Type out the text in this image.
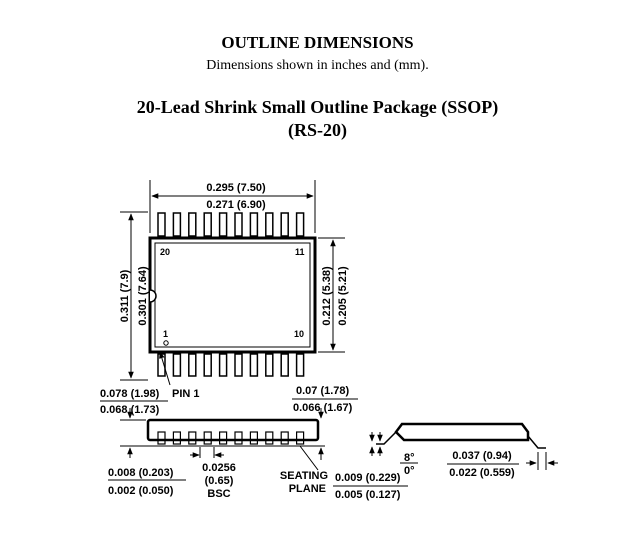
OUTLINE DIMENSIONS
Dimensions shown in inches and (mm).
20-Lead Shrink Small Outline Package (SSOP)
(RS-20)
0.295 (7.50)
0.271 (6.90)
0.311 (7.9) 0.301 (7.64)	0.212 (5.38) 0.205 (5.21)
20	11
1	10
PIN 1
0.078 (1.98)
0.068 (1.73)
0.07 (1.78)
0.066 (1.67)
0.008 (0.203)
0.002 (0.050)
0.0256
(0.65)
BSC
SEATING
PLANE
0.009 (0.229)
0.005 (0.127)
8°
0°
0.037 (0.94)
0.022 (0.559)
